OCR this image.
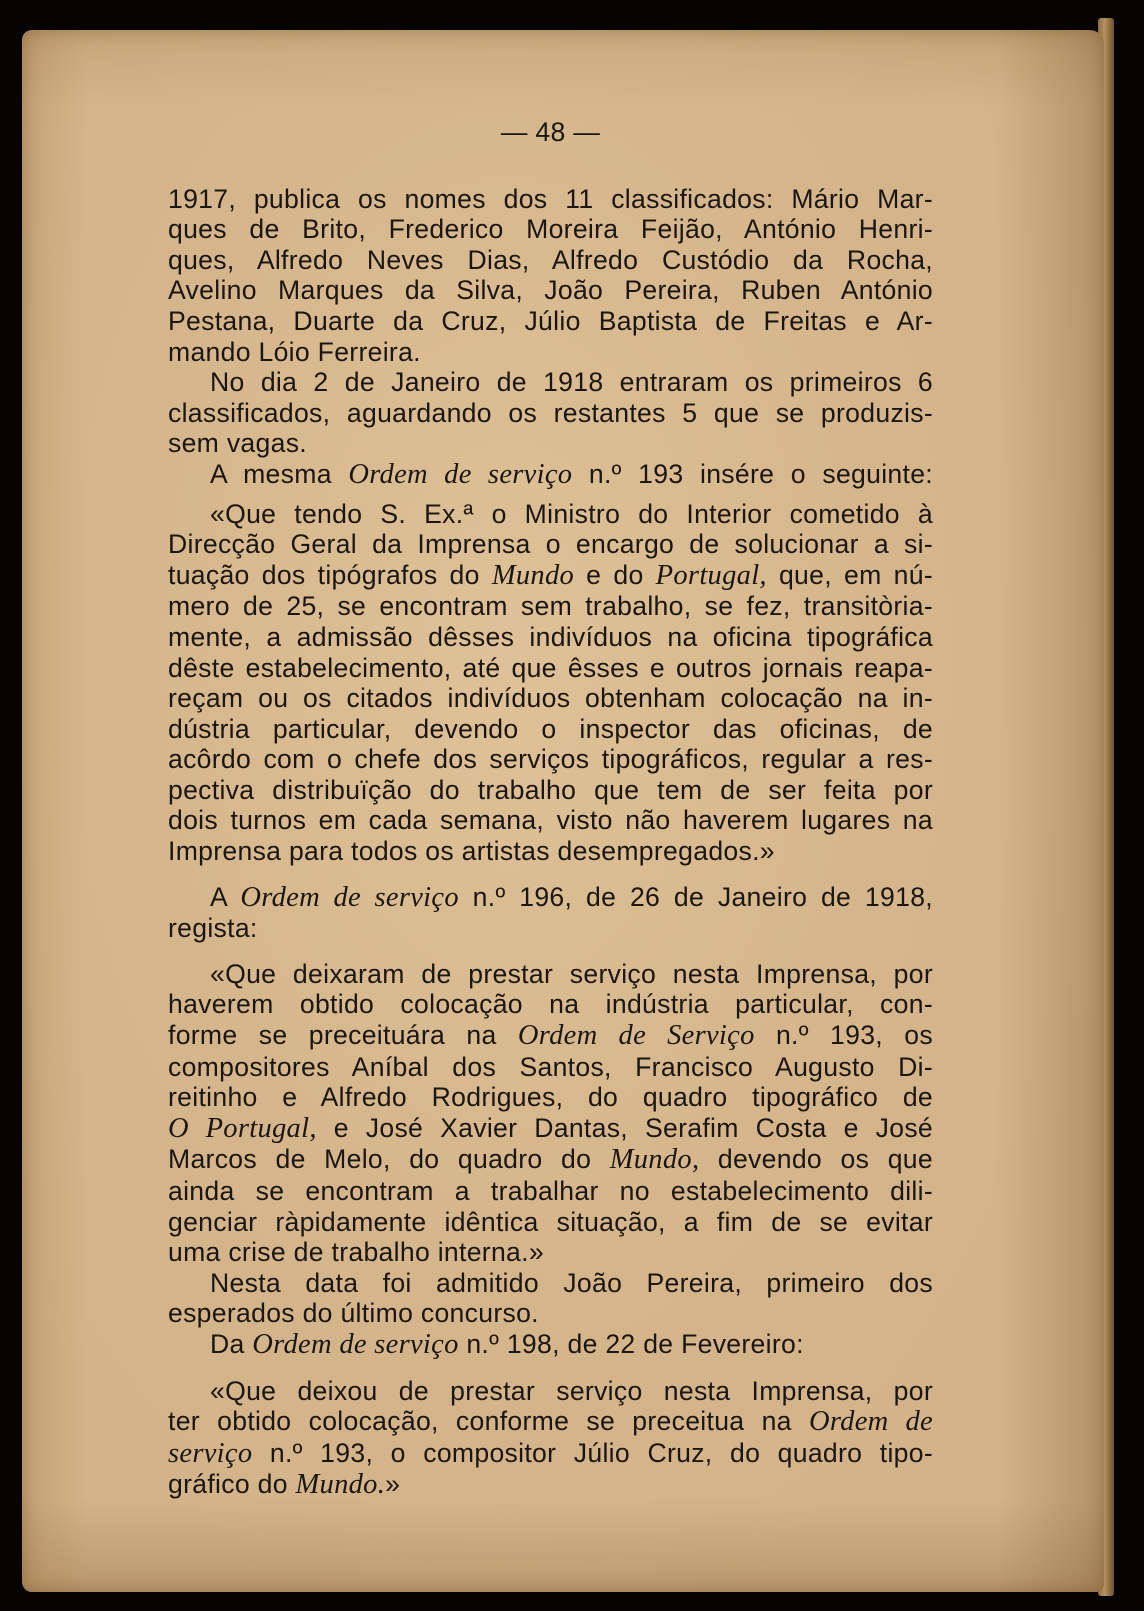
— 48 —

1917, publica os nomes dos 11 classificados: Mário Mar-

ques de Brito, Frederico Moreira Feijão, António Henri-

ques, Alfredo Neves Dias, Alfredo Custódio da Rocha,

Avelino Marques da Silva, João Pereira, Ruben António

Pestana, Duarte da Cruz, Júlio Baptista de Freitas e Ar-

mando Lóio Ferreira.

No dia 2 de Janeiro de 1918 entraram os primeiros 6

classificados, aguardando os restantes 5 que se produzis-

sem vagas.

A mesma Ordem de serviço n.º 193 insére o seguinte:

«Que tendo S. Ex.ª o Ministro do Interior cometido à

Direcção Geral da Imprensa o encargo de solucionar a si-

tuação dos tipógrafos do Mundo e do Portugal, que, em nú-

mero de 25, se encontram sem trabalho, se fez, transitòria-

mente, a admissão dêsses indivíduos na oficina tipográfica

dêste estabelecimento, até que êsses e outros jornais reapa-

reçam ou os citados indivíduos obtenham colocação na in-

dústria particular, devendo o inspector das oficinas, de

acôrdo com o chefe dos serviços tipográficos, regular a res-

pectiva distribuïção do trabalho que tem de ser feita por

dois turnos em cada semana, visto não haverem lugares na

Imprensa para todos os artistas desempregados.»

A Ordem de serviço n.º 196, de 26 de Janeiro de 1918,

regista:

«Que deixaram de prestar serviço nesta Imprensa, por

haverem obtido colocação na indústria particular, con-

forme se preceituára na Ordem de Serviço n.º 193, os

compositores Aníbal dos Santos, Francisco Augusto Di-

reitinho e Alfredo Rodrigues, do quadro tipográfico de

O Portugal, e José Xavier Dantas, Serafim Costa e José

Marcos de Melo, do quadro do Mundo, devendo os que

ainda se encontram a trabalhar no estabelecimento dili-

genciar ràpidamente idêntica situação, a fim de se evitar

uma crise de trabalho interna.»

Nesta data foi admitido João Pereira, primeiro dos

esperados do último concurso.

Da Ordem de serviço n.º 198, de 22 de Fevereiro:

«Que deixou de prestar serviço nesta Imprensa, por

ter obtido colocação, conforme se preceitua na Ordem de

serviço n.º 193, o compositor Júlio Cruz, do quadro tipo-

gráfico do Mundo.»
